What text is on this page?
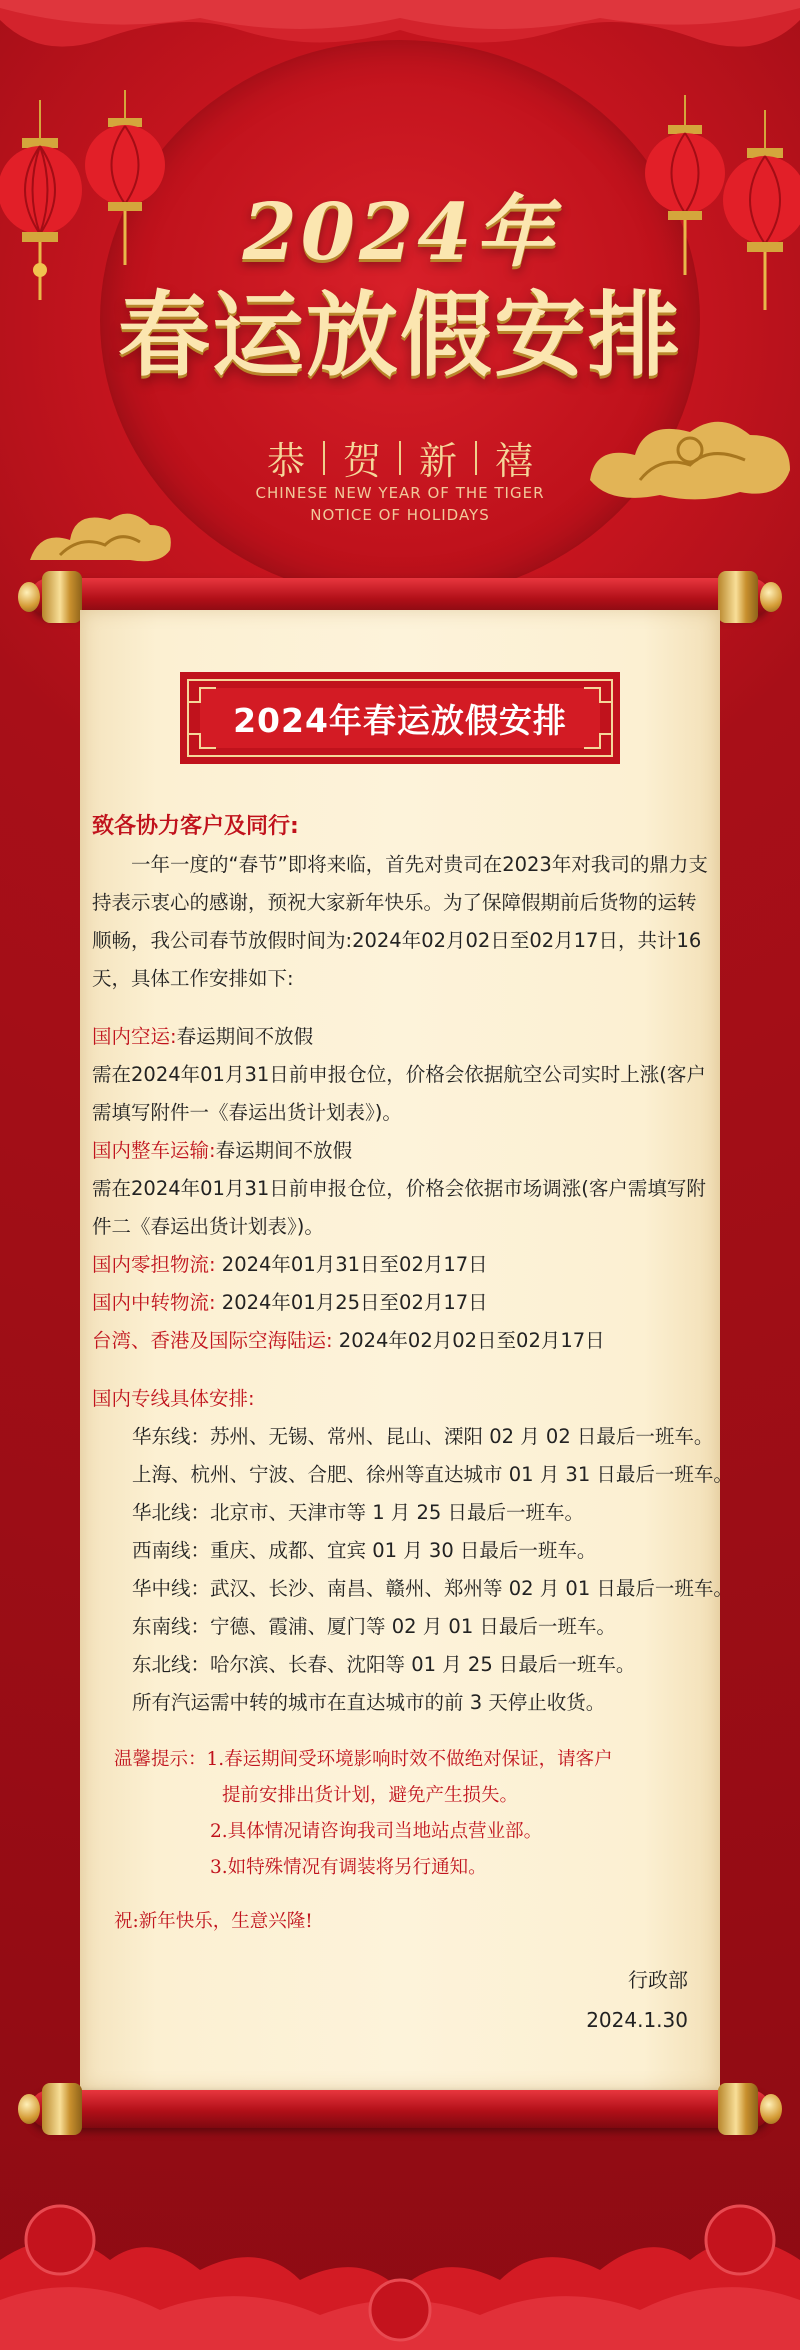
2024年
春运放假安排
恭 贺 新 禧
CHINESE NEW YEAR OF THE TIGER
NOTICE OF HOLIDAYS
2024年春运放假安排

致各协力客户及同行:

一年一度的“春节”即将来临，首先对贵司在2023年对我司的鼎力支持表示衷心的感谢，预祝大家新年快乐。为了保障假期前后货物的运转顺畅，我公司春节放假时间为:2024年02月02日至02月17日，共计16天，具体工作安排如下:

国内空运:春运期间不放假

需在2024年01月31日前申报仓位，价格会依据航空公司实时上涨(客户需填写附件一《春运出货计划表》)。

国内整车运输:春运期间不放假

需在2024年01月31日前申报仓位，价格会依据市场调涨(客户需填写附件二《春运出货计划表》)。

国内零担物流: 2024年01月31日至02月17日

国内中转物流: 2024年01月25日至02月17日

台湾、香港及国际空海陆运: 2024年02月02日至02月17日

国内专线具体安排:

华东线：苏州、无锡、常州、昆山、溧阳 02 月 02 日最后一班车。
上海、杭州、宁波、合肥、徐州等直达城市 01 月 31 日最后一班车。
华北线：北京市、天津市等 1 月 25 日最后一班车。
西南线：重庆、成都、宜宾 01 月 30 日最后一班车。
华中线：武汉、长沙、南昌、赣州、郑州等 02 月 01 日最后一班车。
东南线：宁德、霞浦、厦门等 02 月 01 日最后一班车。
东北线：哈尔滨、长春、沈阳等 01 月 25 日最后一班车。
所有汽运需中转的城市在直达城市的前 3 天停止收货。
温馨提示：1.春运期间受环境影响时效不做绝对保证，请客户
提前安排出货计划，避免产生损失。
2.具体情况请咨询我司当地站点营业部。
3.如特殊情况有调装将另行通知。
祝:新年快乐，生意兴隆!
行政部
2024.1.30
